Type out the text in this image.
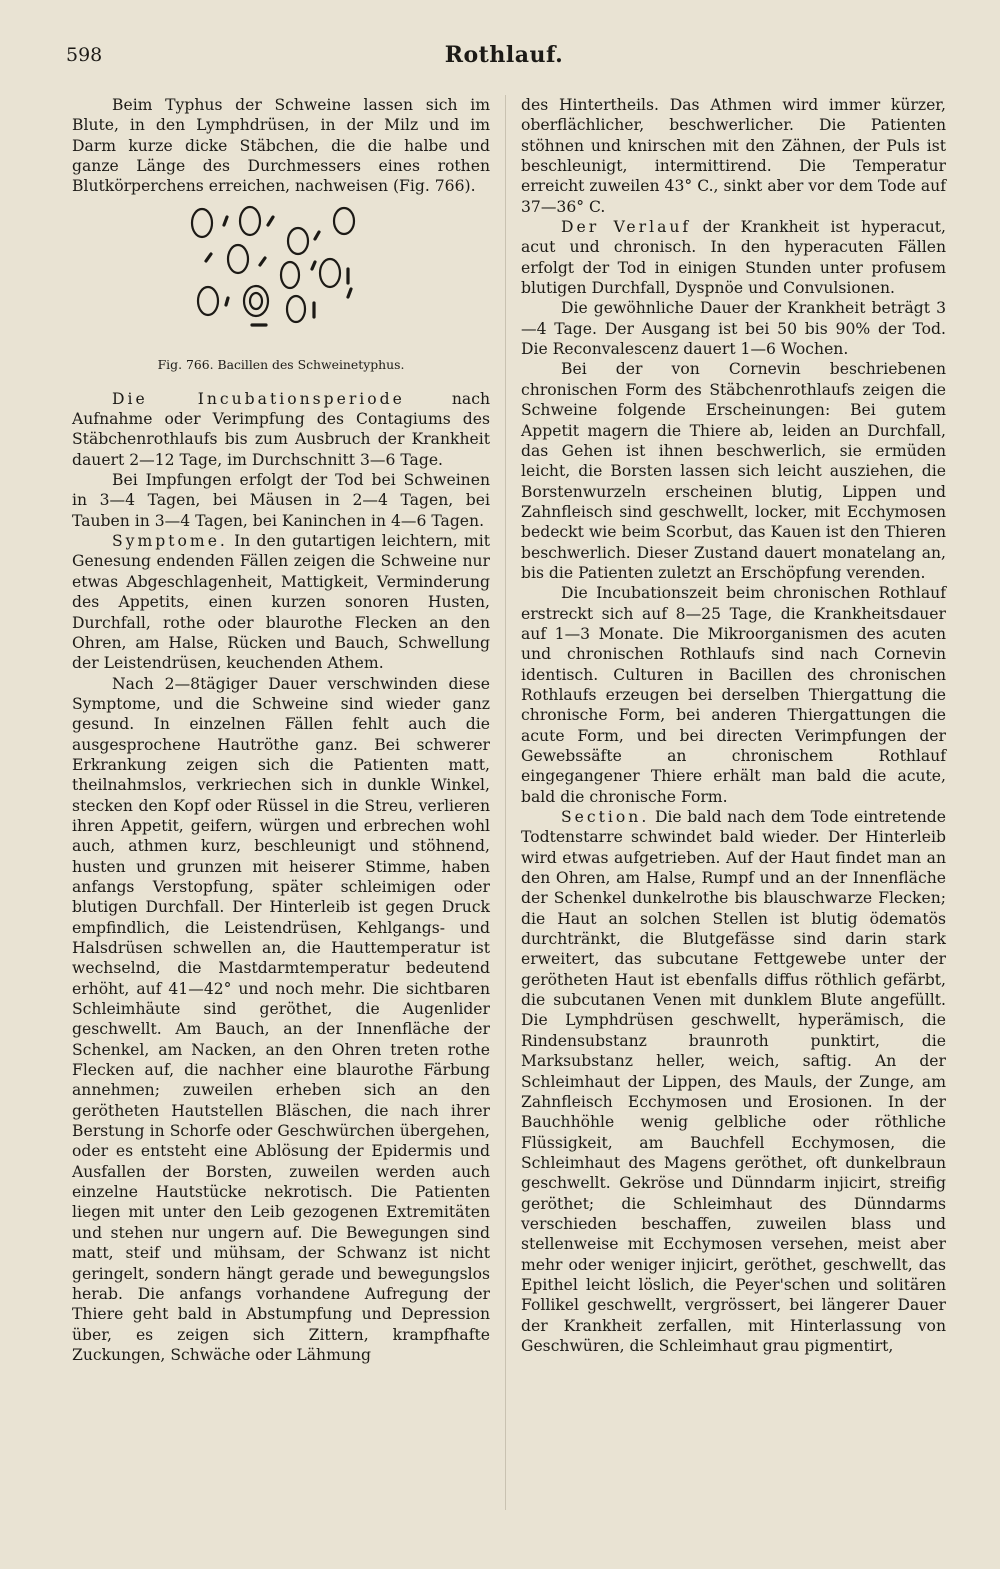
598	Rothlauf.

Beim Typhus der Schweine lassen sich im Blute, in den Lymphdrüsen, in der Milz und im Darm kurze dicke Stäbchen, die die halbe und ganze Länge des Durchmessers eines rothen Blutkörperchens erreichen, nachweisen (Fig. 766).

Fig. 766. Bacillen des Schweinetyphus.

Die Incubationsperiode nach Aufnahme oder Verimpfung des Contagiums des Stäbchenrothlaufs bis zum Ausbruch der Krankheit dauert 2—12 Tage, im Durchschnitt 3—6 Tage.

Bei Impfungen erfolgt der Tod bei Schweinen in 3—4 Tagen, bei Mäusen in 2—4 Tagen, bei Tauben in 3—4 Tagen, bei Kaninchen in 4—6 Tagen.

Symptome. In den gutartigen leichtern, mit Genesung endenden Fällen zeigen die Schweine nur etwas Abgeschlagenheit, Mattigkeit, Verminderung des Appetits, einen kurzen sonoren Husten, Durchfall, rothe oder blaurothe Flecken an den Ohren, am Halse, Rücken und Bauch, Schwellung der Leistendrüsen, keuchenden Athem.

Nach 2—8tägiger Dauer verschwinden diese Symptome, und die Schweine sind wieder ganz gesund. In einzelnen Fällen fehlt auch die ausgesprochene Hautröthe ganz. Bei schwerer Erkrankung zeigen sich die Patienten matt, theilnahmslos, verkriechen sich in dunkle Winkel, stecken den Kopf oder Rüssel in die Streu, verlieren ihren Appetit, geifern, würgen und erbrechen wohl auch, athmen kurz, beschleunigt und stöhnend, husten und grunzen mit heiserer Stimme, haben anfangs Verstopfung, später schleimigen oder blutigen Durchfall. Der Hinterleib ist gegen Druck empfindlich, die Leistendrüsen, Kehlgangs- und Halsdrüsen schwellen an, die Hauttemperatur ist wechselnd, die Mastdarmtemperatur bedeutend erhöht, auf 41—42° und noch mehr. Die sichtbaren Schleimhäute sind geröthet, die Augenlider geschwellt. Am Bauch, an der Innenfläche der Schenkel, am Nacken, an den Ohren treten rothe Flecken auf, die nachher eine blaurothe Färbung annehmen; zuweilen erheben sich an den gerötheten Hautstellen Bläschen, die nach ihrer Berstung in Schorfe oder Geschwürchen übergehen, oder es entsteht eine Ablösung der Epidermis und Ausfallen der Borsten, zuweilen werden auch einzelne Hautstücke nekrotisch. Die Patienten liegen mit unter den Leib gezogenen Extremitäten und stehen nur ungern auf. Die Bewegungen sind matt, steif und mühsam, der Schwanz ist nicht geringelt, sondern hängt gerade und bewegungslos herab. Die anfangs vorhandene Aufregung der Thiere geht bald in Abstumpfung und Depression über, es zeigen sich Zittern, krampfhafte Zuckungen, Schwäche oder Lähmung

des Hintertheils. Das Athmen wird immer kürzer, oberflächlicher, beschwerlicher. Die Patienten stöhnen und knirschen mit den Zähnen, der Puls ist beschleunigt, intermittirend. Die Temperatur erreicht zuweilen 43° C., sinkt aber vor dem Tode auf 37—36° C.

Der Verlauf der Krankheit ist hyperacut, acut und chronisch. In den hyperacuten Fällen erfolgt der Tod in einigen Stunden unter profusem blutigen Durchfall, Dyspnöe und Convulsionen.

Die gewöhnliche Dauer der Krankheit beträgt 3—4 Tage. Der Ausgang ist bei 50 bis 90% der Tod. Die Reconvalescenz dauert 1—6 Wochen.

Bei der von Cornevin beschriebenen chronischen Form des Stäbchenrothlaufs zeigen die Schweine folgende Erscheinungen: Bei gutem Appetit magern die Thiere ab, leiden an Durchfall, das Gehen ist ihnen beschwerlich, sie ermüden leicht, die Borsten lassen sich leicht ausziehen, die Borstenwurzeln erscheinen blutig, Lippen und Zahnfleisch sind geschwellt, locker, mit Ecchymosen bedeckt wie beim Scorbut, das Kauen ist den Thieren beschwerlich. Dieser Zustand dauert monatelang an, bis die Patienten zuletzt an Erschöpfung verenden.

Die Incubationszeit beim chronischen Rothlauf erstreckt sich auf 8—25 Tage, die Krankheitsdauer auf 1—3 Monate. Die Mikroorganismen des acuten und chronischen Rothlaufs sind nach Cornevin identisch. Culturen in Bacillen des chronischen Rothlaufs erzeugen bei derselben Thiergattung die chronische Form, bei anderen Thiergattungen die acute Form, und bei directen Verimpfungen der Gewebssäfte an chronischem Rothlauf eingegangener Thiere erhält man bald die acute, bald die chronische Form.

Section. Die bald nach dem Tode eintretende Todtenstarre schwindet bald wieder. Der Hinterleib wird etwas aufgetrieben. Auf der Haut findet man an den Ohren, am Halse, Rumpf und an der Innenfläche der Schenkel dunkelrothe bis blauschwarze Flecken; die Haut an solchen Stellen ist blutig ödematös durchtränkt, die Blutgefässe sind darin stark erweitert, das subcutane Fettgewebe unter der gerötheten Haut ist ebenfalls diffus röthlich gefärbt, die subcutanen Venen mit dunklem Blute angefüllt. Die Lymphdrüsen geschwellt, hyperämisch, die Rindensubstanz braunroth punktirt, die Marksubstanz heller, weich, saftig. An der Schleimhaut der Lippen, des Mauls, der Zunge, am Zahnfleisch Ecchymosen und Erosionen. In der Bauchhöhle wenig gelbliche oder röthliche Flüssigkeit, am Bauchfell Ecchymosen, die Schleimhaut des Magens geröthet, oft dunkelbraun geschwellt. Gekröse und Dünndarm injicirt, streifig geröthet; die Schleimhaut des Dünndarms verschieden beschaffen, zuweilen blass und stellenweise mit Ecchymosen versehen, meist aber mehr oder weniger injicirt, geröthet, geschwellt, das Epithel leicht löslich, die Peyer'schen und solitären Follikel geschwellt, vergrössert, bei längerer Dauer der Krankheit zerfallen, mit Hinterlassung von Geschwüren, die Schleimhaut grau pigmentirt,
